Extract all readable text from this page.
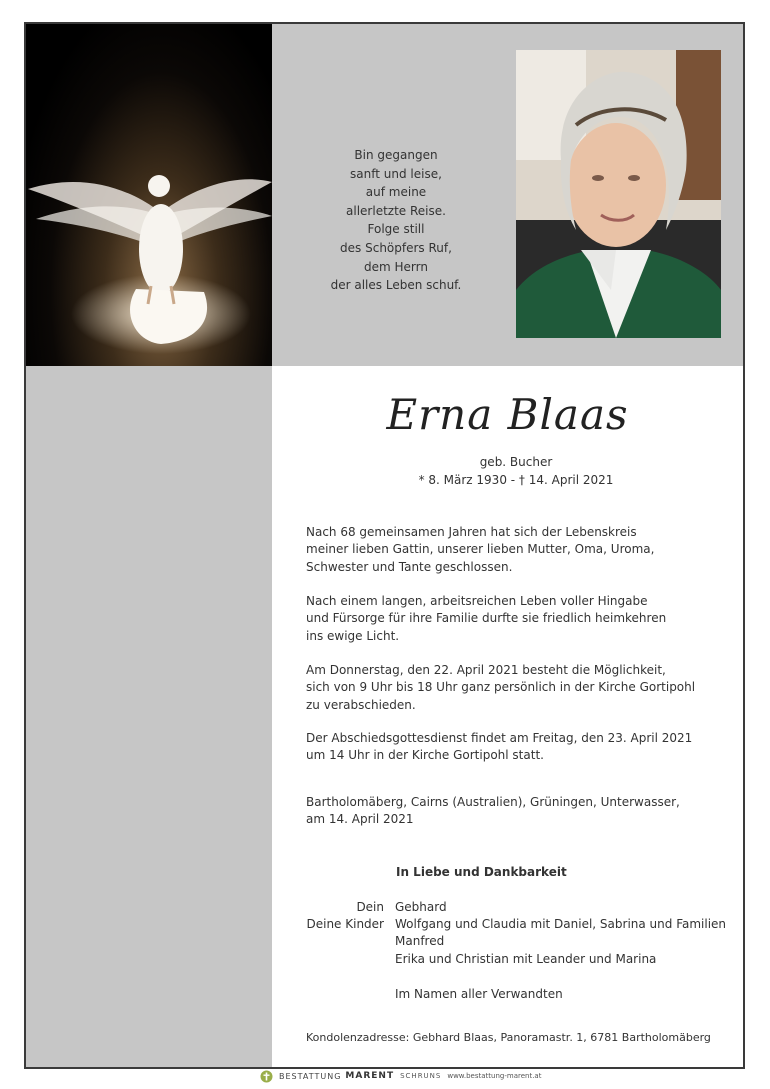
Bin gegangen
sanft und leise,
auf meine
allerletzte Reise.
Folge still
des Schöpfers Ruf,
dem Herrn
der alles Leben schuf.
Erna Blaas
geb. Bucher
* 8. März 1930 - † 14. April 2021
Nach 68 gemeinsamen Jahren hat sich der Lebenskreis
meiner lieben Gattin, unserer lieben Mutter, Oma, Uroma,
Schwester und Tante geschlossen.
Nach einem langen, arbeitsreichen Leben voller Hingabe
und Fürsorge für ihre Familie durfte sie friedlich heimkehren
ins ewige Licht.
Am Donnerstag, den 22. April 2021 besteht die Möglichkeit,
sich von 9 Uhr bis 18 Uhr ganz persönlich in der Kirche Gortipohl
zu verabschieden.
Der Abschiedsgottesdienst findet am Freitag, den 23. April 2021
um 14 Uhr in der Kirche Gortipohl statt.
Bartholomäberg, Cairns (Australien), Grüningen, Unterwasser,
am 14. April 2021
In Liebe und Dankbarkeit
Dein Gebhard
Deine Kinder Wolfgang und Claudia mit Daniel, Sabrina und Familien
Manfred
Erika und Christian mit Leander und Marina
Im Namen aller Verwandten
Kondolenzadresse: Gebhard Blaas, Panoramastr. 1, 6781 Bartholomäberg
BESTATTUNG MARENT SCHRUNS www.bestattung-marent.at
